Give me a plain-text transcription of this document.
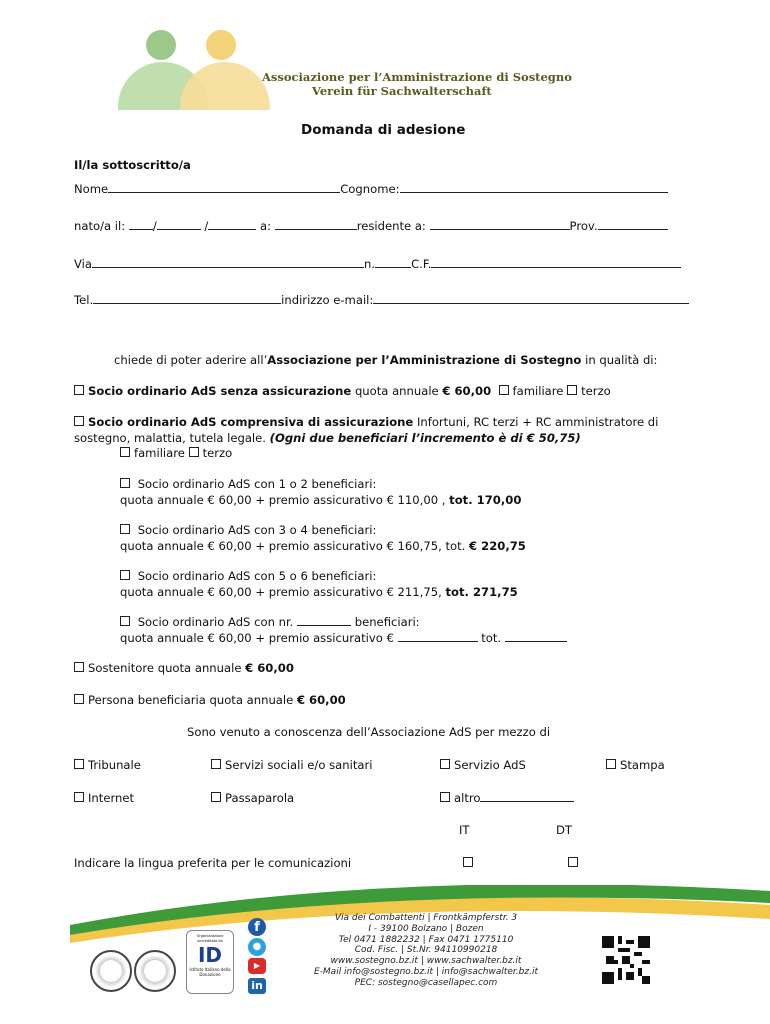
Associazione per l’Amministrazione di Sostegno
Verein für Sachwalterschaft
Domanda di adesione
Il/la sottoscritto/a
Nome	Cognome:
nato/a il: /	/	a:	residente a:	Prov.
Via	n.	C.F.
Tel.	indirizzo e-mail:
chiede di poter aderire all’Associazione per l’Amministrazione di Sostegno in qualità di:
Socio ordinario AdS senza assicurazione quota annuale € 60,00 familiare terzo
Socio ordinario AdS comprensiva di assicurazione Infortuni, RC terzi + RC amministratore di
sostegno, malattia, tutela legale. (Ogni due beneficiari l’incremento è di € 50,75)
familiare terzo
Socio ordinario AdS con 1 o 2 beneficiari:
quota annuale € 60,00 + premio assicurativo € 110,00 , tot. 170,00
Socio ordinario AdS con 3 o 4 beneficiari:
quota annuale € 60,00 + premio assicurativo € 160,75, tot. € 220,75
Socio ordinario AdS con 5 o 6 beneficiari:
quota annuale € 60,00 + premio assicurativo € 211,75, tot. 271,75
Socio ordinario AdS con nr.	beneficiari:
quota annuale € 60,00 + premio assicurativo €	tot.
Sostenitore quota annuale € 60,00
Persona beneficiaria quota annuale € 60,00
Sono venuto a conoscenza dell’Associazione AdS per mezzo di
Tribunale	Servizi sociali e/o sanitari	Servizio AdS	Stampa
Internet	Passaparola	altro
IT	DT
Indicare la lingua preferita per le comunicazioni
Organizzazione accreditata da
ID
Istituto Italiano della Donazione
f
●
▶
in
Via dei Combattenti | Frontkämpferstr. 3
I - 39100 Bolzano | Bozen
Tel 0471 1882232 | Fax 0471 1775110
Cod. Fisc. | St.Nr. 94110990218
www.sostegno.bz.it | www.sachwalter.bz.it
E-Mail info@sostegno.bz.it | info@sachwalter.bz.it
PEC: sostegno@casellapec.com
